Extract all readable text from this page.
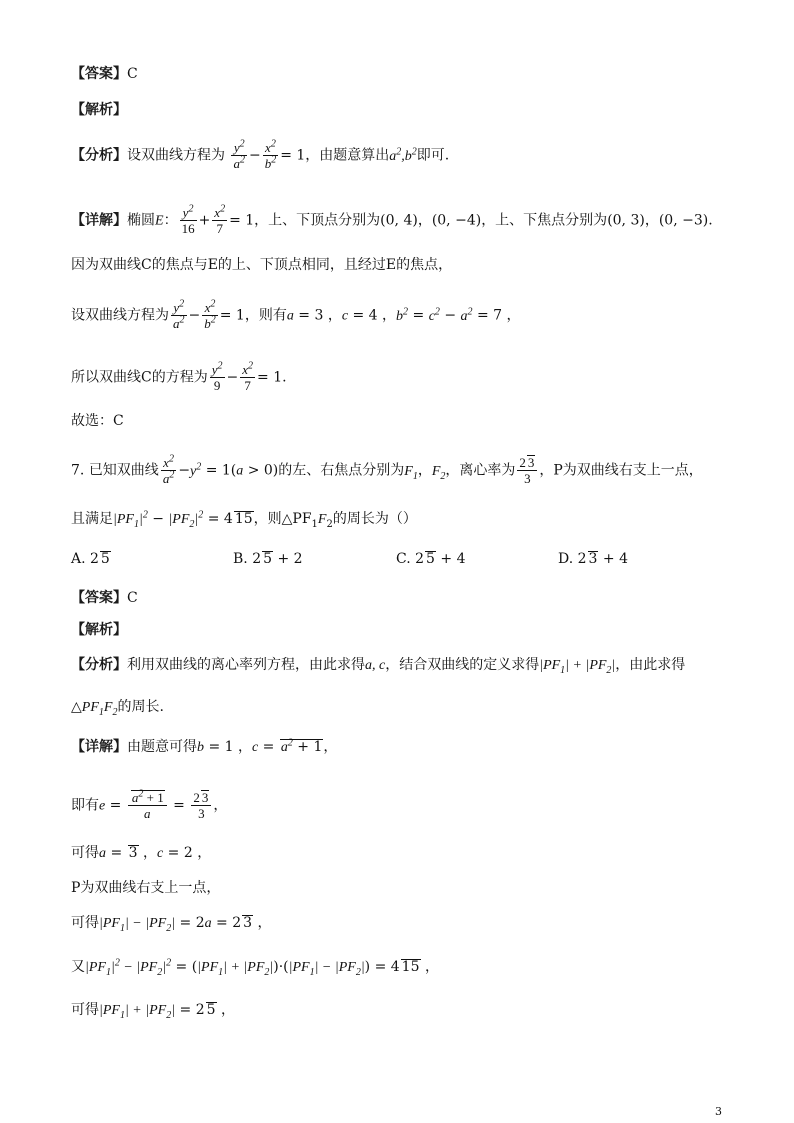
【答案】C
【解析】
【分析】设双曲线方程为 $\frac{y^2}{a^2} - \frac{x^2}{b^2} = 1$，由题意算出$a^2,b^2$即可.
【详解】椭圆E： $\frac{y^2}{16} + \frac{x^2}{7} = 1$，上、下顶点分别为(0, 4)，(0, −4)，上、下焦点分别为(0, 3)，(0, −3).
因为双曲线C的焦点与E的上、下顶点相同，且经过E的焦点，
设双曲线方程为 $\frac{y^2}{a^2} - \frac{x^2}{b^2} = 1$，则有a = 3 ，c = 4 ，$b^2 = c^2 - a^2 = 7$ ，
所以双曲线C的方程为 $\frac{y^2}{9} - \frac{x^2}{7} = 1$.
故选：C
7. 已知双曲线 $\frac{x^2}{a^2} -y^2 = 1(a > 0)$的左、右焦点分别为$F_1$，$F_2$，离心率为 $\frac{2 3}{3}$ ，P为双曲线右支上一点，
且满足$|PF_1|^2 - |PF_2|^2 = 4$ 15，则$\triangle PF_1F_2$的周长为（）
A. 2 5	B. 2 5 + 2	C. 2 5 + 4	D. 2 3 + 4
【答案】C
【解析】
【分析】利用双曲线的离心率列方程，由此求得a, c，结合双曲线的定义求得$|PF_1| + |PF_2|$，由此求得
$\triangle PF_1F_2$的周长.
【详解】由题意可得b = 1 ，$c = a^2 + 1$，
即有$e = \frac{a^2 + 1}{a} = \frac{2 3}{3}$ ，
可得a = 3 ，c = 2 ，
P为双曲线右支上一点，
可得$|PF_1| - |PF_2| = 2a = 2$ 3 ，
又$|PF_1|^2 - |PF_2|^2 = (|PF_1| + |PF_2|)\cdot(|PF_1| - |PF_2|) = 4$ 15 ，
可得$|PF_1| + |PF_2| = 2$ 5 ，
3
